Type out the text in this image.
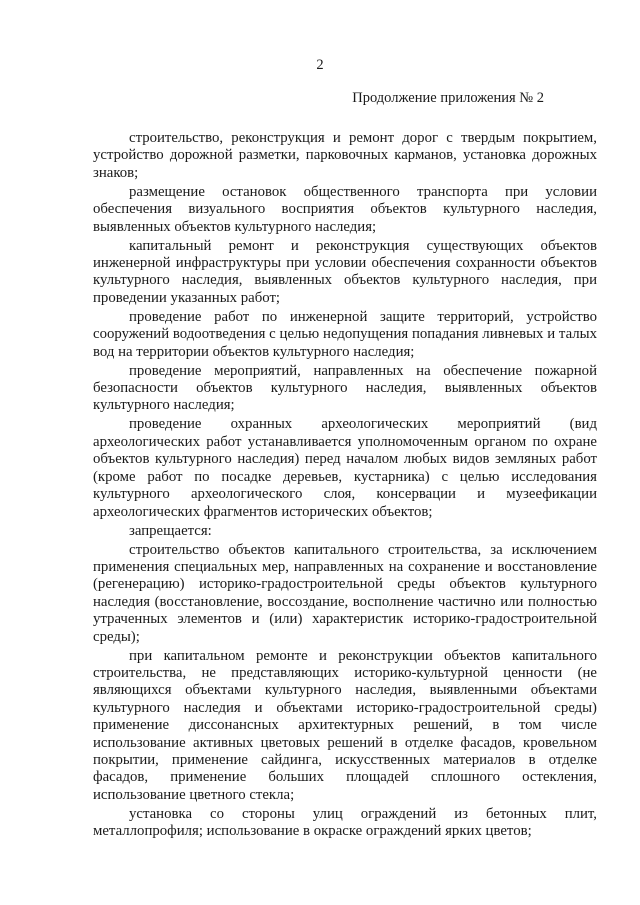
2
Продолжение приложения № 2

строительство, реконструкция и ремонт дорог с твердым покрытием, устройство дорожной разметки, парковочных карманов, установка дорожных знаков;

размещение остановок общественного транспорта при условии обеспечения визуального восприятия объектов культурного наследия, выявленных объектов культурного наследия;

капитальный ремонт и реконструкция существующих объектов инженерной инфраструктуры при условии обеспечения сохранности объектов культурного наследия, выявленных объектов культурного наследия, при проведении указанных работ;

проведение работ по инженерной защите территорий, устройство сооружений водоотведения с целью недопущения попадания ливневых и талых вод на территории объектов культурного наследия;

проведение мероприятий, направленных на обеспечение пожарной безопасности объектов культурного наследия, выявленных объектов культурного наследия;

проведение охранных археологических мероприятий (вид археологических работ устанавливается уполномоченным органом по охране объектов культурного наследия) перед началом любых видов земляных работ (кроме работ по посадке деревьев, кустарника) с целью исследования культурного археологического слоя, консервации и музеефикации археологических фрагментов исторических объектов;

запрещается:

строительство объектов капитального строительства, за исключением применения специальных мер, направленных на сохранение и восстановление (регенерацию) историко-градостроительной среды объектов культурного наследия (восстановление, воссоздание, восполнение частично или полностью утраченных элементов и (или) характеристик историко-градостроительной среды);

при капитальном ремонте и реконструкции объектов капитального строительства, не представляющих историко-культурной ценности (не являющихся объектами культурного наследия, выявленными объектами культурного наследия и объектами историко-градостроительной среды) применение диссонансных архитектурных решений, в том числе использование активных цветовых решений в отделке фасадов, кровельном покрытии, применение сайдинга, искусственных материалов в отделке фасадов, применение больших площадей сплошного остекления, использование цветного стекла;

установка со стороны улиц ограждений из бетонных плит, металлопрофиля; использование в окраске ограждений ярких цветов;
